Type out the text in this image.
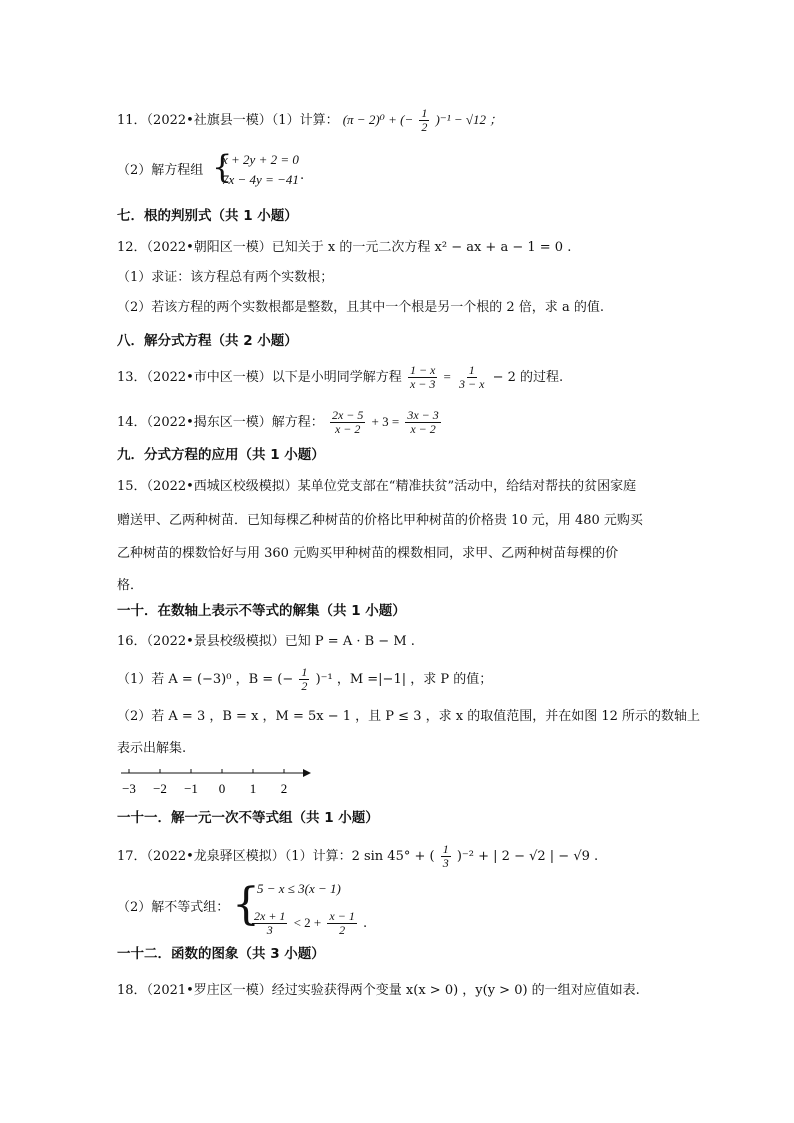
11．（2022•社旗县一模）（1）计算： (π − 2)⁰ + (− $\frac{1}{2} )^{-1} - √12$ ；
（2）解方程组 {
x + 2y + 2 = 0
7x − 4y = −41 .
七．根的判别式（共 1 小题）
12．（2022•朝阳区一模）已知关于 x 的一元二次方程 x² − ax + a − 1 = 0 .
（1）求证：该方程总有两个实数根；
（2）若该方程的两个实数根都是整数，且其中一个根是另一个根的 2 倍，求 a 的值.
八．解分式方程（共 2 小题）
13．（2022•市中区一模）以下是小明同学解方程 $\frac{1 - x}{x - 3} = \frac{1}{3 - x} - 2$ 的过程.
14．（2022•揭东区一模）解方程： $\frac{2x - 5}{x - 2} + 3 = \frac{3x - 3}{x - 2}$
九．分式方程的应用（共 1 小题）
15．（2022•西城区校级模拟）某单位党支部在“精准扶贫”活动中，给结对帮扶的贫困家庭
赠送甲、乙两种树苗．已知每棵乙种树苗的价格比甲种树苗的价格贵 10 元，用 480 元购买
乙种树苗的棵数恰好与用 360 元购买甲种树苗的棵数相同，求甲、乙两种树苗每棵的价
格．
一十．在数轴上表示不等式的解集（共 1 小题）
16．（2022•景县校级模拟）已知 P = A · B − M .
（1）若 A = (−3)⁰ ，B = (− $\frac{1}{2} )^{-1}$ ，M =|−1| ，求 P 的值；
（2）若 A = 3 ，B = x ，M = 5x − 1 ，且 P ≤ 3 ，求 x 的取值范围，并在如图 12 所示的数轴上
表示出解集.
−3 −2 −1 0 1 2
一十一．解一元一次不等式组（共 1 小题）
17．（2022•龙泉驿区模拟）（1）计算：2 sin 45° + ( $\frac{1}{3} )^{-2}$ + | 2 − √2 | − √9 .
（2）解不等式组： {
5 − x ≤ 3(x − 1)
$\frac{2x + 1}{3} < 2 + \frac{x - 1}{2}$ .
一十二．函数的图象（共 3 小题）
18．（2021•罗庄区一模）经过实验获得两个变量 x(x > 0) ，y(y > 0) 的一组对应值如表.
